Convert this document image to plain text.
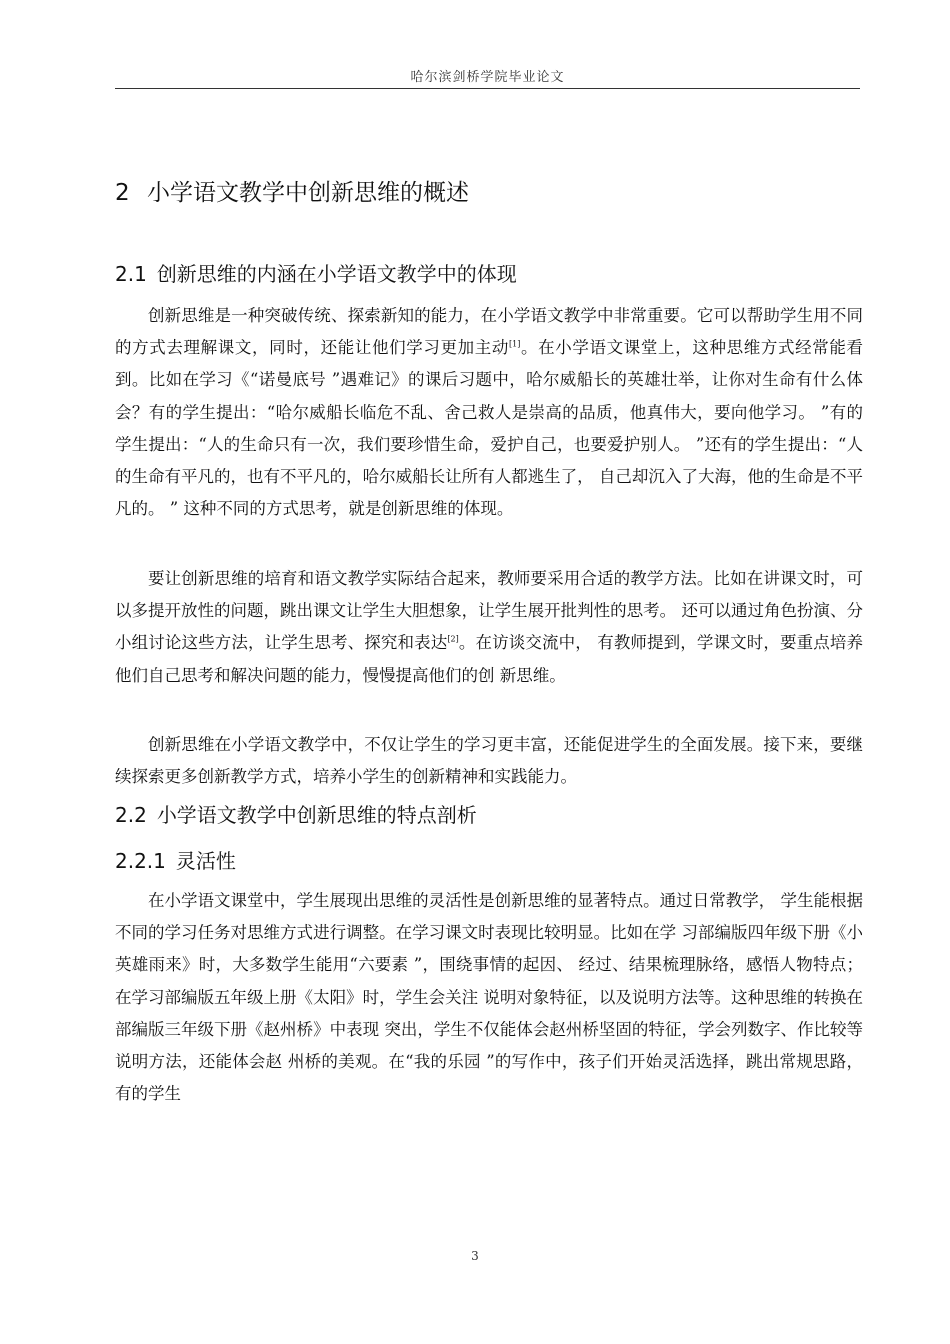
哈尔滨剑桥学院毕业论文
2 小学语文教学中创新思维的概述
2.1 创新思维的内涵在小学语文教学中的体现
创新思维是一种突破传统、探索新知的能力，在小学语文教学中非常重要。它可以帮助学生用不同的方式去理解课文，同时，还能让他们学习更加主动[1]。在小学语文课堂上，这种思维方式经常能看到。比如在学习《“诺曼底号 ”遇难记》的课后习题中，哈尔威船长的英雄壮举，让你对生命有什么体会？有的学生提出：“哈尔威船长临危不乱、舍己救人是崇高的品质，他真伟大，要向他学习。 ”有的学生提出：“人的生命只有一次，我们要珍惜生命，爱护自己，也要爱护别人。 ”还有的学生提出：“人的生命有平凡的，也有不平凡的，哈尔威船长让所有人都逃生了， 自己却沉入了大海，他的生命是不平凡的。 ” 这种不同的方式思考，就是创新思维的体现。
要让创新思维的培育和语文教学实际结合起来，教师要采用合适的教学方法。比如在讲课文时，可以多提开放性的问题，跳出课文让学生大胆想象，让学生展开批判性的思考。 还可以通过角色扮演、分小组讨论这些方法，让学生思考、探究和表达[2]。在访谈交流中， 有教师提到，学课文时，要重点培养他们自己思考和解决问题的能力，慢慢提高他们的创 新思维。
创新思维在小学语文教学中，不仅让学生的学习更丰富，还能促进学生的全面发展。接下来，要继续探索更多创新教学方式，培养小学生的创新精神和实践能力。
2.2 小学语文教学中创新思维的特点剖析
2.2.1 灵活性
在小学语文课堂中，学生展现出思维的灵活性是创新思维的显著特点。通过日常教学， 学生能根据不同的学习任务对思维方式进行调整。在学习课文时表现比较明显。比如在学 习部编版四年级下册《小英雄雨来》时，大多数学生能用“六要素 ”，围绕事情的起因、 经过、结果梳理脉络，感悟人物特点；在学习部编版五年级上册《太阳》时，学生会关注 说明对象特征，以及说明方法等。这种思维的转换在部编版三年级下册《赵州桥》中表现 突出，学生不仅能体会赵州桥坚固的特征，学会列数字、作比较等说明方法，还能体会赵 州桥的美观。在“我的乐园 ”的写作中，孩子们开始灵活选择，跳出常规思路，有的学生
3
